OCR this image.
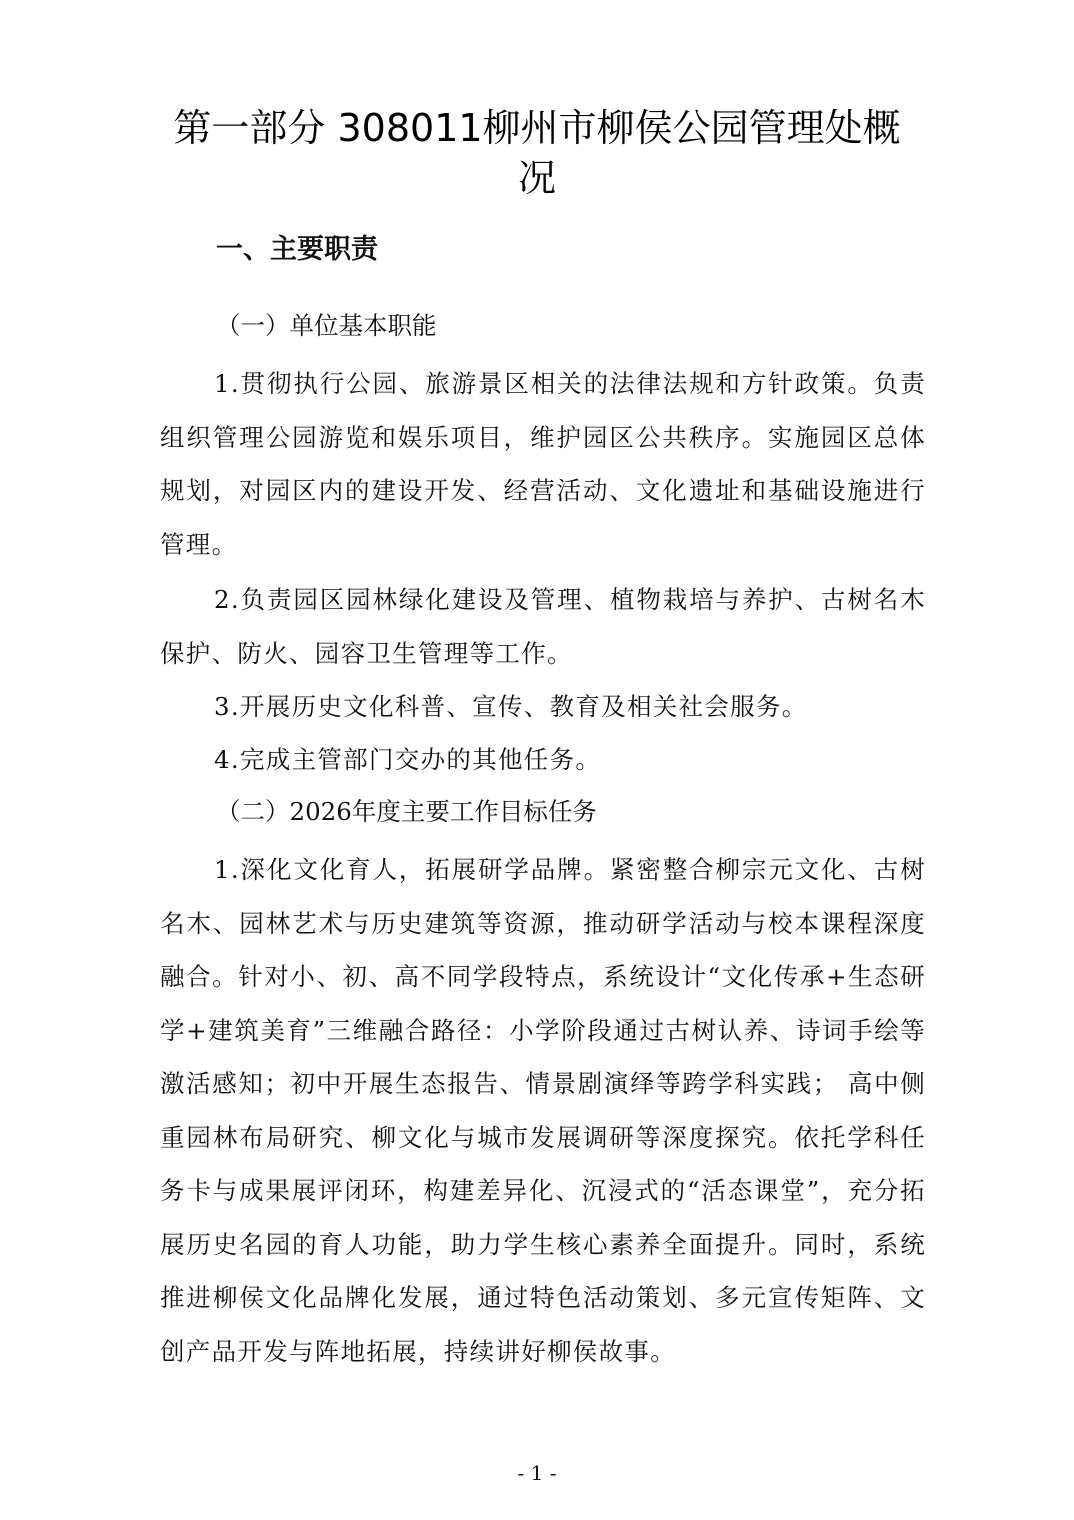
第一部分 308011柳州市柳侯公园管理处概
况
一、主要职责
（一）单位基本职能

1.贯彻执行公园、旅游景区相关的法律法规和方针政策。负责组织管理公园游览和娱乐项目，维护园区公共秩序。实施园区总体规划，对园区内的建设开发、经营活动、文化遗址和基础设施进行管理。

2.负责园区园林绿化建设及管理、植物栽培与养护、古树名木保护、防火、园容卫生管理等工作。

3.开展历史文化科普、宣传、教育及相关社会服务。

4.完成主管部门交办的其他任务。

（二）2026年度主要工作目标任务

1.深化文化育人，拓展研学品牌。紧密整合柳宗元文化、古树名木、园林艺术与历史建筑等资源，推动研学活动与校本课程深度融合。针对小、初、高不同学段特点，系统设计“文化传承+生态研学+建筑美育”三维融合路径：小学阶段通过古树认养、诗词手绘等激活感知；初中开展生态报告、情景剧演绎等跨学科实践； 高中侧重园林布局研究、柳文化与城市发展调研等深度探究。依托学科任务卡与成果展评闭环，构建差异化、沉浸式的“活态课堂”，充分拓展历史名园的育人功能，助力学生核心素养全面提升。同时，系统推进柳侯文化品牌化发展，通过特色活动策划、多元宣传矩阵、文创产品开发与阵地拓展，持续讲好柳侯故事。

- 1 -
